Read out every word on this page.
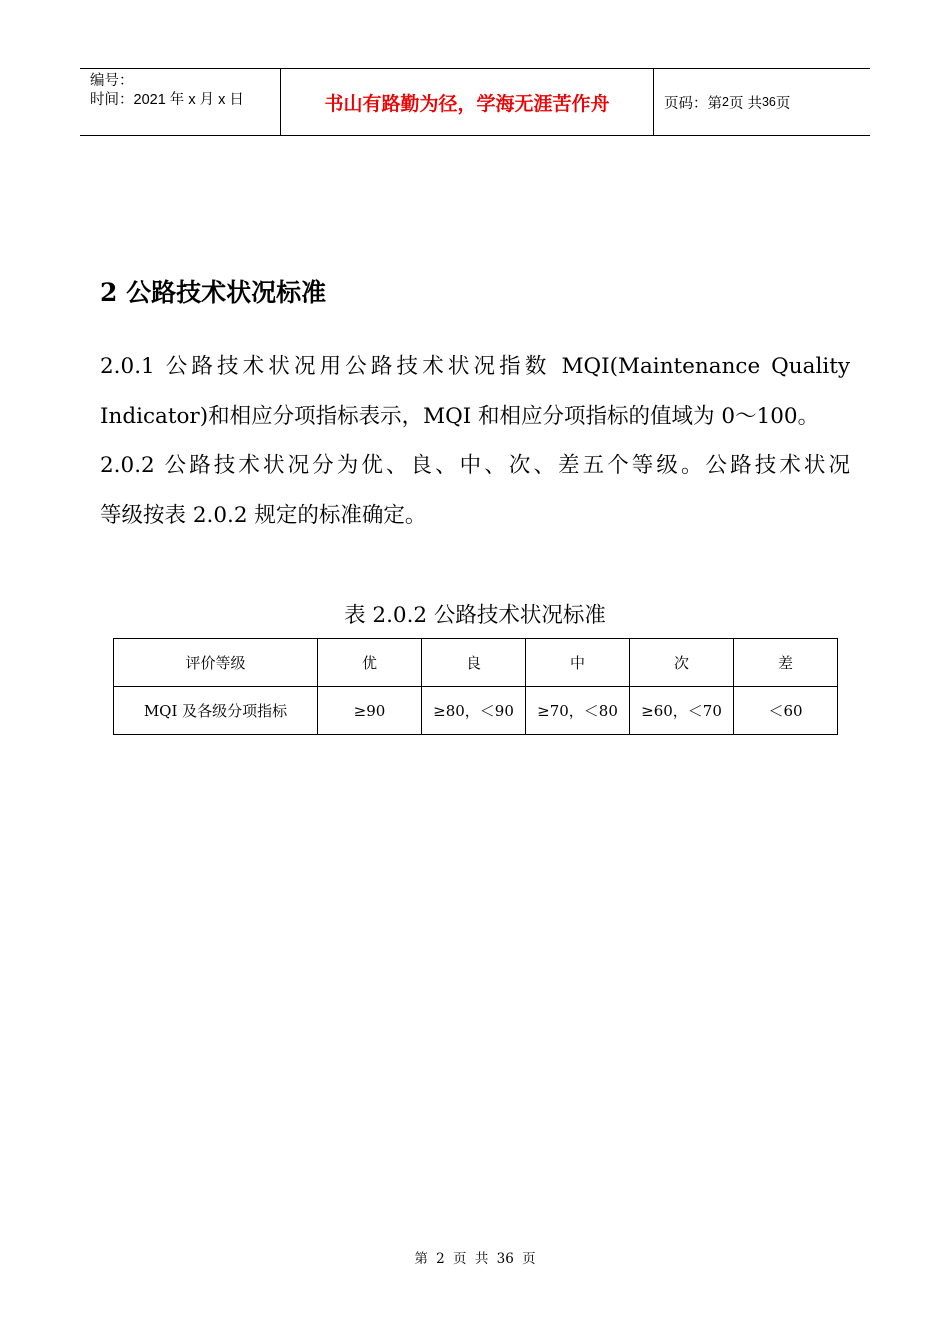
编号：
时间：2021 年 x 月 x 日	书山有路勤为径，学海无涯苦作舟	页码：第 2 页 共 36 页
2 公路技术状况标准
2.0.1 公路技术状况用公路技术状况指数 MQI(Maintenance Quality
Indicator)和相应分项指标表示，MQI 和相应分项指标的值域为 0～100。
2.0.2 公路技术状况分为优、良、中、次、差五个等级。公路技术状况
等级按表 2.0.2 规定的标准确定。
表 2.0.2 公路技术状况标准
评价等级	优	良	中	次	差
MQI 及各级分项指标	≥90	≥80，＜90	≥70，＜80	≥60，＜70	＜60
第 2 页 共 36 页
